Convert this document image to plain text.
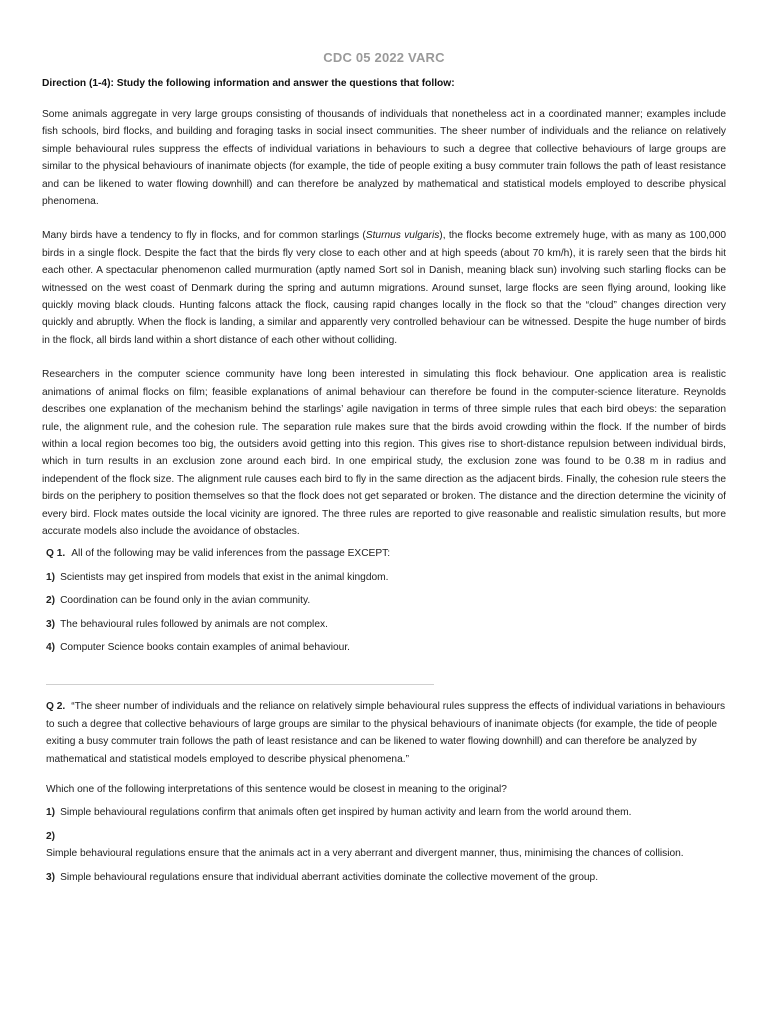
CDC 05 2022 VARC
Direction (1-4): Study the following information and answer the questions that follow:

Some animals aggregate in very large groups consisting of thousands of individuals that nonetheless act in a coordinated manner; examples include fish schools, bird flocks, and building and foraging tasks in social insect communities. The sheer number of individuals and the reliance on relatively simple behavioural rules suppress the effects of individual variations in behaviours to such a degree that collective behaviours of large groups are similar to the physical behaviours of inanimate objects (for example, the tide of people exiting a busy commuter train follows the path of least resistance and can be likened to water flowing downhill) and can therefore be analyzed by mathematical and statistical models employed to describe physical phenomena.

Many birds have a tendency to fly in flocks, and for common starlings (Sturnus vulgaris), the flocks become extremely huge, with as many as 100,000 birds in a single flock. Despite the fact that the birds fly very close to each other and at high speeds (about 70 km/h), it is rarely seen that the birds hit each other. A spectacular phenomenon called murmuration (aptly named Sort sol in Danish, meaning black sun) involving such starling flocks can be witnessed on the west coast of Denmark during the spring and autumn migrations. Around sunset, large flocks are seen flying around, looking like quickly moving black clouds. Hunting falcons attack the flock, causing rapid changes locally in the flock so that the “cloud” changes direction very quickly and abruptly. When the flock is landing, a similar and apparently very controlled behaviour can be witnessed. Despite the huge number of birds in the flock, all birds land within a short distance of each other without colliding.

Researchers in the computer science community have long been interested in simulating this flock behaviour. One application area is realistic animations of animal flocks on film; feasible explanations of animal behaviour can therefore be found in the computer-science literature. Reynolds describes one explanation of the mechanism behind the starlings’ agile navigation in terms of three simple rules that each bird obeys: the separation rule, the alignment rule, and the cohesion rule. The separation rule makes sure that the birds avoid crowding within the flock. If the number of birds within a local region becomes too big, the outsiders avoid getting into this region. This gives rise to short-distance repulsion between individual birds, which in turn results in an exclusion zone around each bird. In one empirical study, the exclusion zone was found to be 0.38 m in radius and independent of the flock size. The alignment rule causes each bird to fly in the same direction as the adjacent birds. Finally, the cohesion rule steers the birds on the periphery to position themselves so that the flock does not get separated or broken. The distance and the direction determine the vicinity of every bird. Flock mates outside the local vicinity are ignored. The three rules are reported to give reasonable and realistic simulation results, but more accurate models also include the avoidance of obstacles.

Q 1. All of the following may be valid inferences from the passage EXCEPT:
1) Scientists may get inspired from models that exist in the animal kingdom.
2) Coordination can be found only in the avian community.
3) The behavioural rules followed by animals are not complex.
4) Computer Science books contain examples of animal behaviour.
Q 2. “The sheer number of individuals and the reliance on relatively simple behavioural rules suppress the effects of individual variations in behaviours to such a degree that collective behaviours of large groups are similar to the physical behaviours of inanimate objects (for example, the tide of people exiting a busy commuter train follows the path of least resistance and can be likened to water flowing downhill) and can therefore be analyzed by mathematical and statistical models employed to describe physical phenomena.”
Which one of the following interpretations of this sentence would be closest in meaning to the original?
1) Simple behavioural regulations confirm that animals often get inspired by human activity and learn from the world around them.
2)
Simple behavioural regulations ensure that the animals act in a very aberrant and divergent manner, thus, minimising the chances of collision.
3) Simple behavioural regulations ensure that individual aberrant activities dominate the collective movement of the group.
